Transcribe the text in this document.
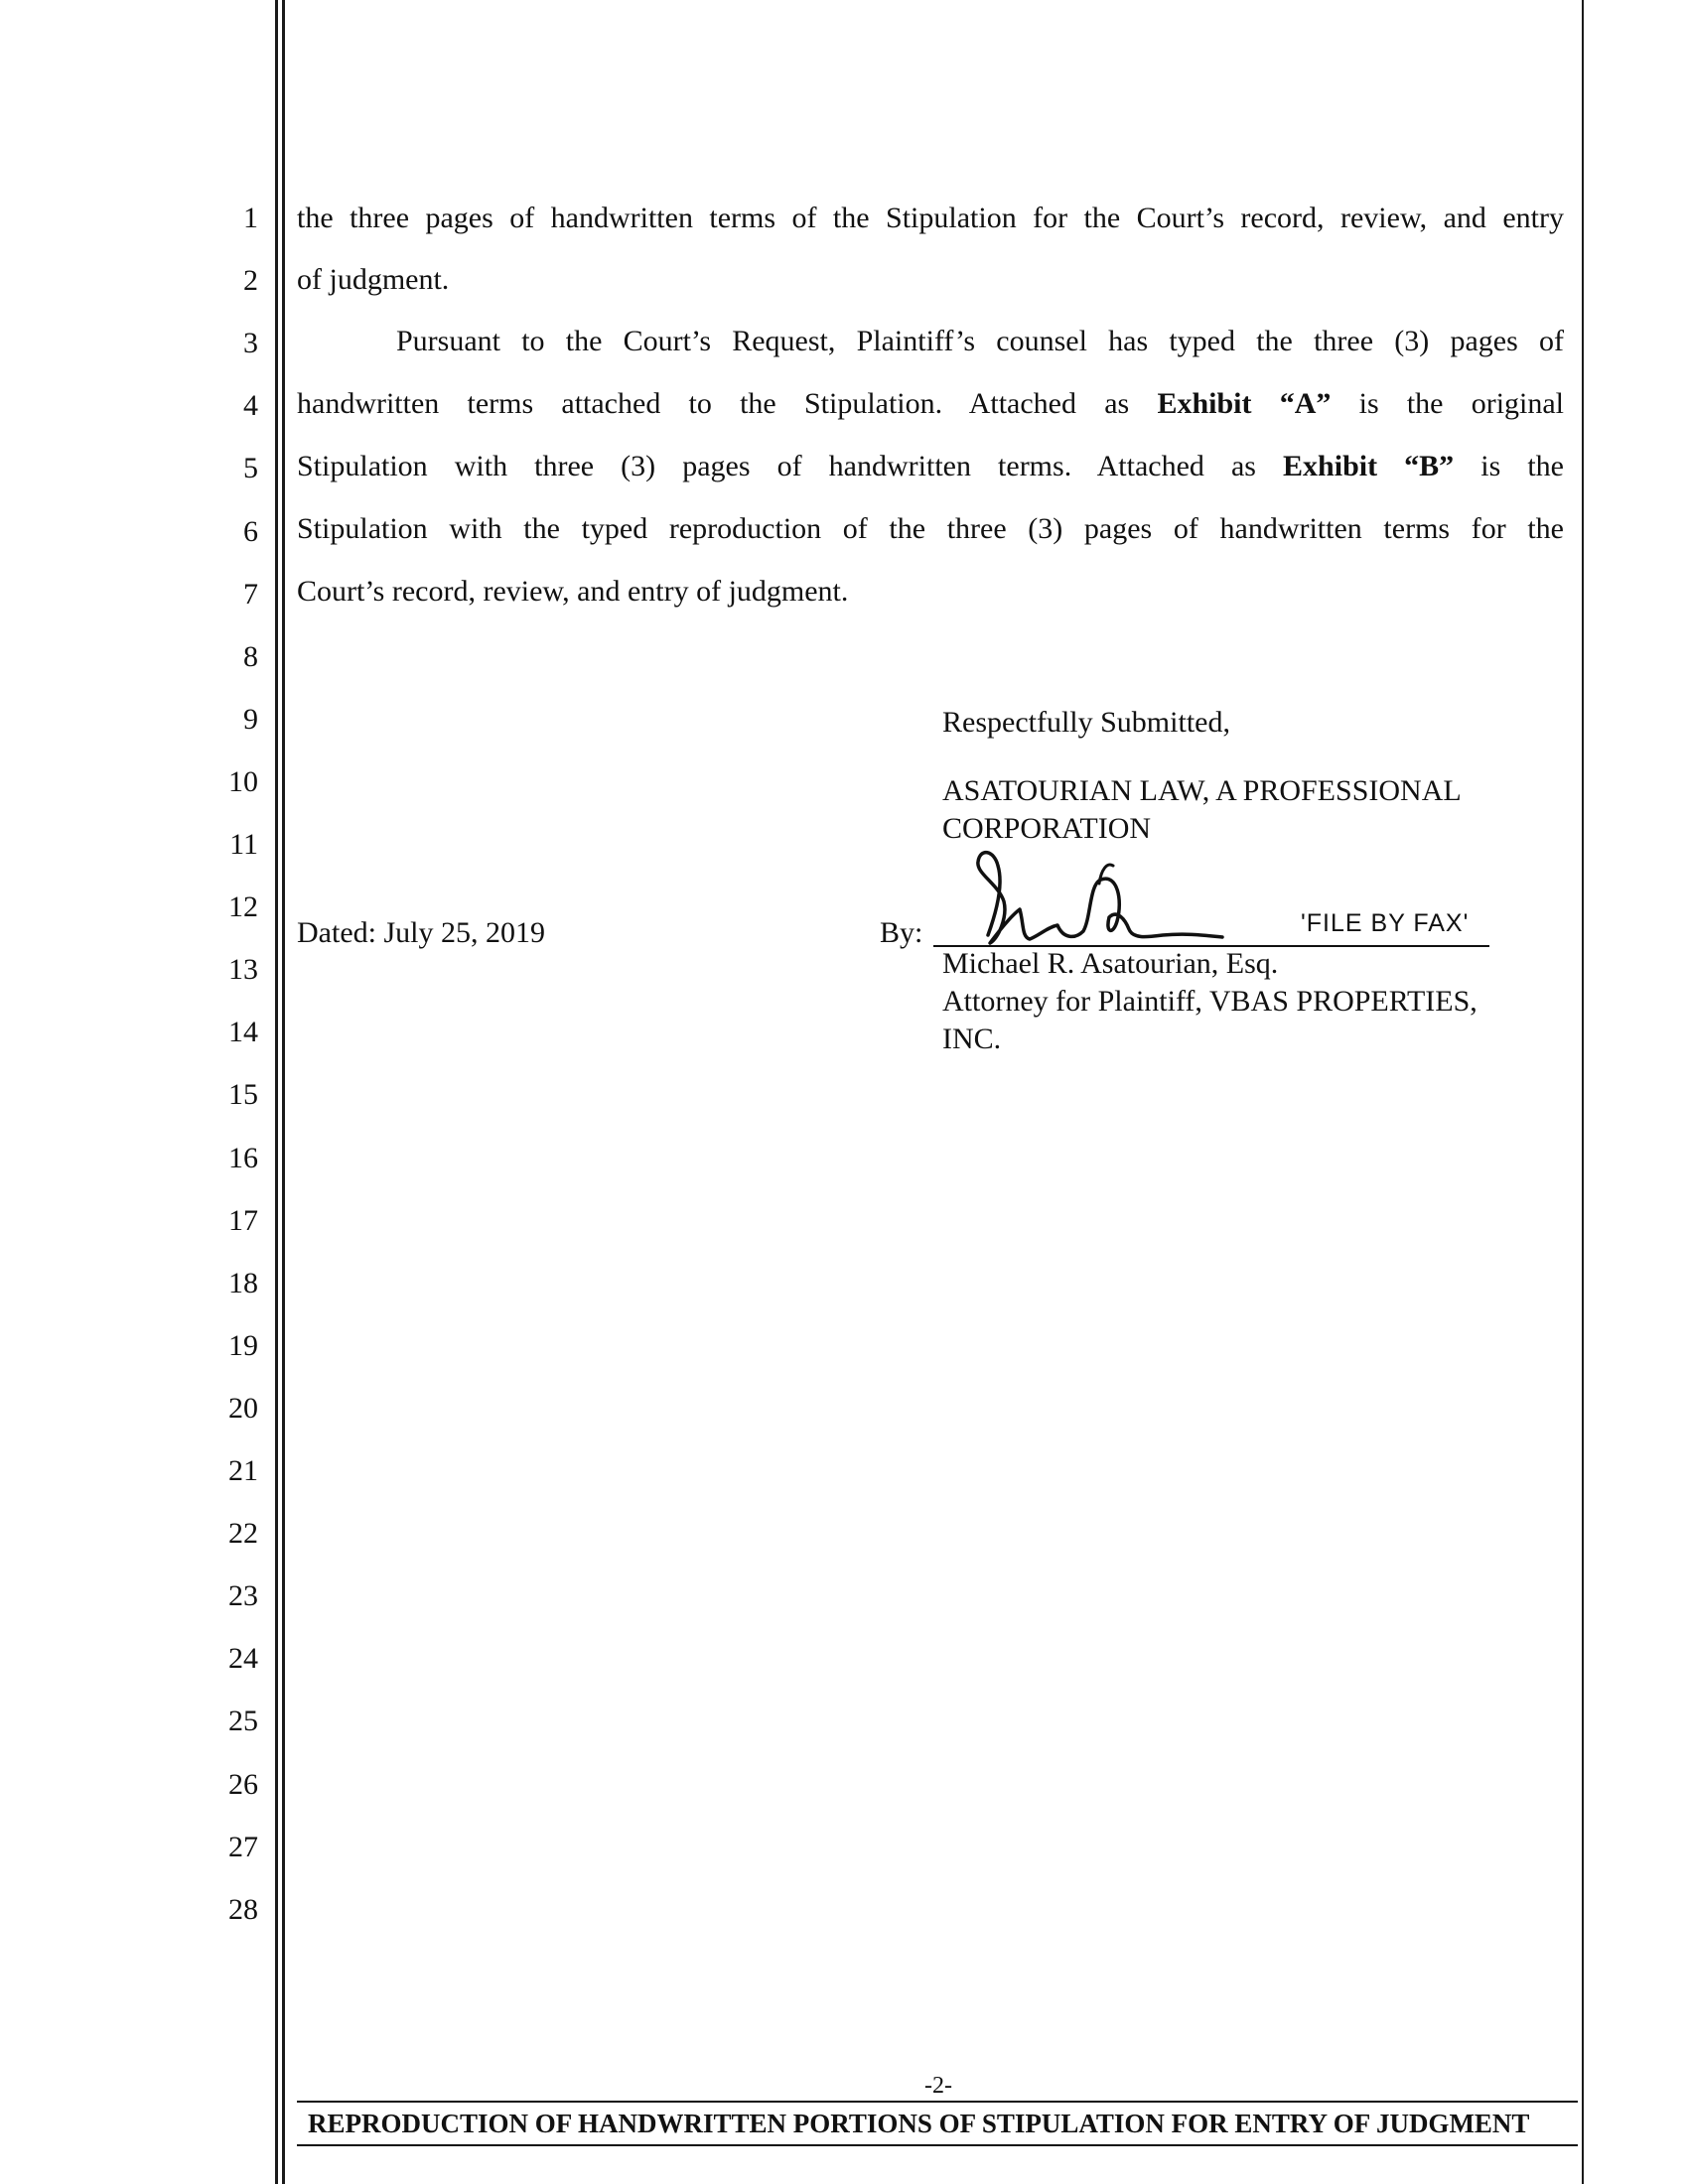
1
2
3
4
5
6
7
8
9
10
11
12
13
14
15
16
17
18
19
20
21
22
23
24
25
26
27
28
the three pages of handwritten terms of the Stipulation for the Court’s record, review, and entry
of judgment.
Pursuant to the Court’s Request, Plaintiff’s counsel has typed the three (3) pages of
handwritten terms attached to the Stipulation. Attached as Exhibit “A” is the original
Stipulation with three (3) pages of handwritten terms. Attached as Exhibit “B” is the
Stipulation with the typed reproduction of the three (3) pages of handwritten terms for the
Court’s record, review, and entry of judgment.
Respectfully Submitted,
ASATOURIAN LAW, A PROFESSIONAL
CORPORATION
Dated: July 25, 2019	By:	'FILE BY FAX'
Michael R. Asatourian, Esq.
Attorney for Plaintiff, VBAS PROPERTIES,
INC.
-2-
REPRODUCTION OF HANDWRITTEN PORTIONS OF STIPULATION FOR ENTRY OF JUDGMENT
